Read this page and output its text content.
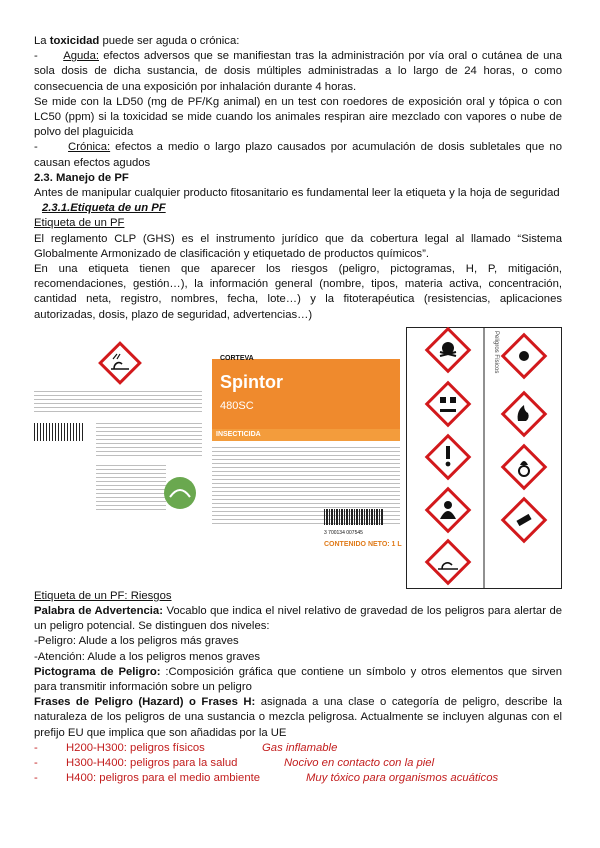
La toxicidad puede ser aguda o crónica:

- Aguda: efectos adversos que se manifiestan tras la administración por vía oral o cutánea de una sola dosis de dicha sustancia, de dosis múltiples administradas a lo largo de 24 horas, o como consecuencia de una exposición por inhalación durante 4 horas.

Se mide con la LD50 (mg de PF/Kg animal) en un test con roedores de exposición oral y tópica o con LC50 (ppm) si la toxicidad se mide cuando los animales respiran aire mezclado con vapores o nube de polvo del plaguicida

-	Crónica: efectos a medio o largo plazo causados por acumulación de dosis subletales que no causan efectos agudos

2.3. Manejo de PF

Antes de manipular cualquier producto fitosanitario es fundamental leer la etiqueta y la hoja de seguridad

2.3.1.Etiqueta de un PF

Etiqueta de un PF

El reglamento CLP (GHS) es el instrumento jurídico que da cobertura legal al llamado “Sistema Globalmente Armonizado de clasificación y etiquetado de productos químicos”.

En una etiqueta tienen que aparecer los riesgos (peligro, pictogramas, H, P, mitigación, recomendaciones, gestión…), la información general (nombre, tipos, materia activa, concentración, cantidad neta, registro, nombres, fecha, lote…) y la fitoterapéutica (resistencias, aplicaciones autorizadas, dosis, plazo de seguridad, advertencias…)

CORTEVA
Spintor
480SC
INSECTICIDA
3 700134 007545
CONTENIDO NETO: 1 L
Peligros Físicos

Etiqueta de un PF: Riesgos

Palabra de Advertencia: Vocablo que indica el nivel relativo de gravedad de los peligros para alertar de un peligro potencial. Se distinguen dos niveles:

-Peligro: Alude a los peligros más graves

-Atención: Alude a los peligros menos graves

Pictograma de Peligro: :Composición gráfica que contiene un símbolo y otros elementos que sirven para transmitir información sobre un peligro

Frases de Peligro (Hazard) o Frases H: asignada a una clase o categoría de peligro, describe la naturaleza de los peligros de una sustancia o mezcla peligrosa. Actualmente se incluyen algunas con el prefijo EU que implica que son añadidas por la UE

- H200-H300: peligros físicos	Gas inflamable
- H300-H400: peligros para la salud	Nocivo en contacto con la piel
- H400: peligros para el medio ambiente	Muy tóxico para organismos acuáticos
